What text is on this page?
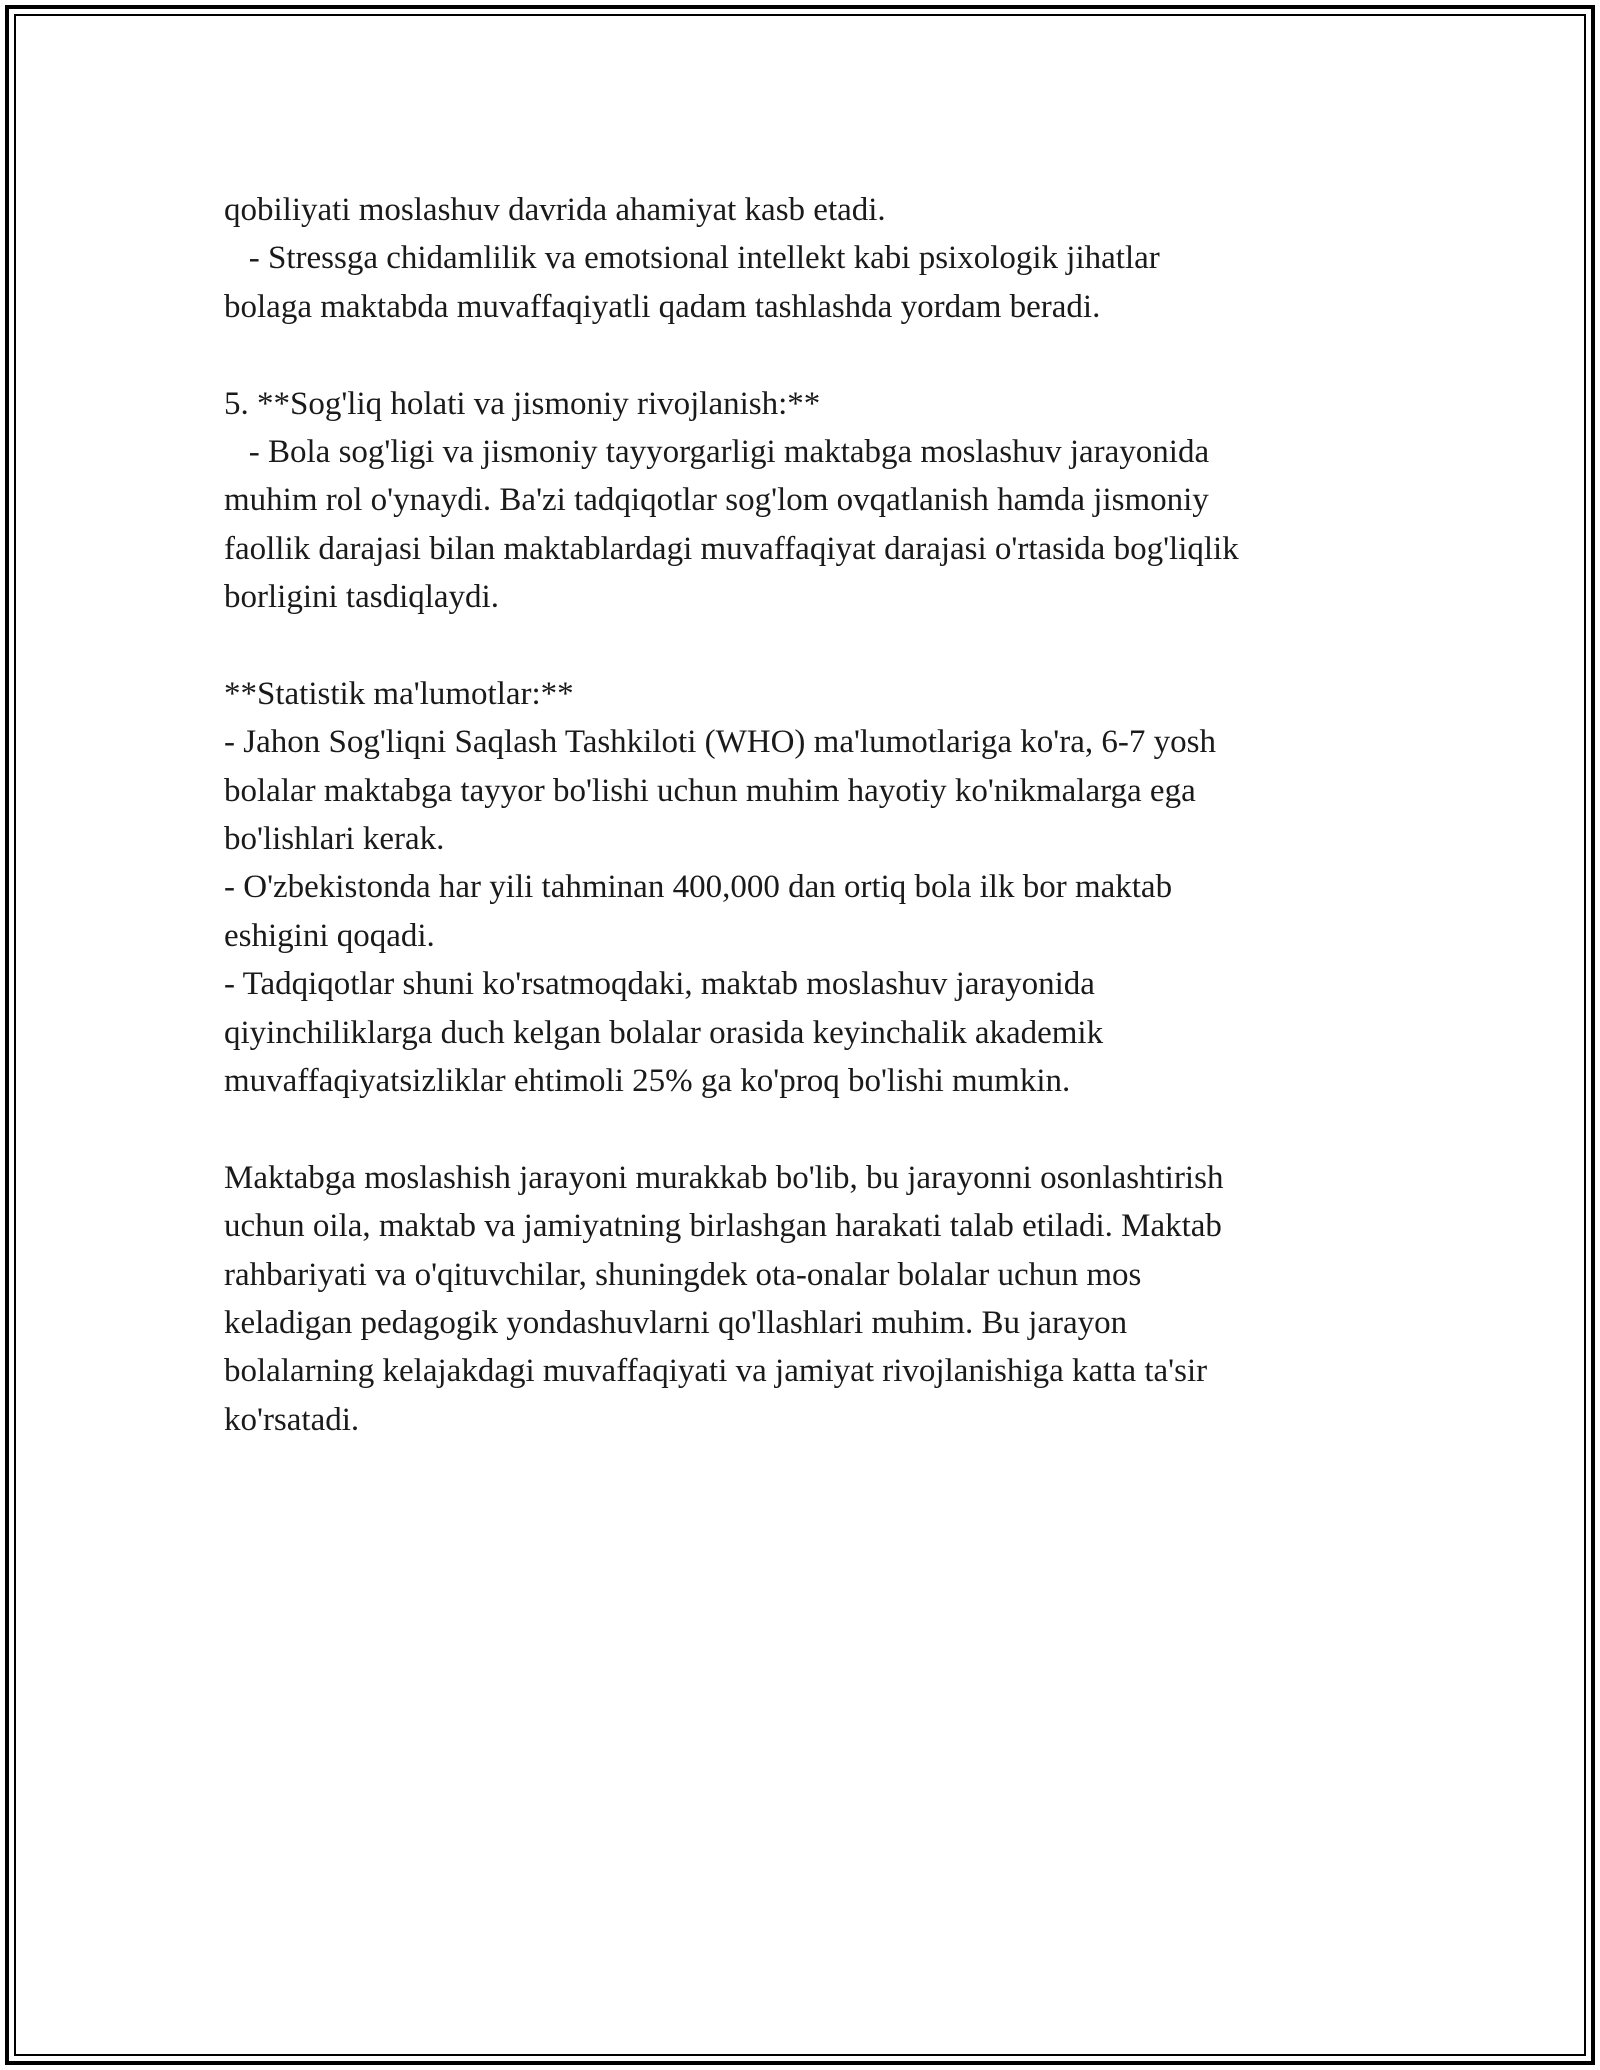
qobiliyati moslashuv davrida ahamiyat kasb etadi.
- Stressga chidamlilik va emotsional intellekt kabi psixologik jihatlar
bolaga maktabda muvaffaqiyatli qadam tashlashda yordam beradi.
5. **Sog'liq holati va jismoniy rivojlanish:**
- Bola sog'ligi va jismoniy tayyorgarligi maktabga moslashuv jarayonida
muhim rol o'ynaydi. Ba'zi tadqiqotlar sog'lom ovqatlanish hamda jismoniy
faollik darajasi bilan maktablardagi muvaffaqiyat darajasi o'rtasida bog'liqlik
borligini tasdiqlaydi.
**Statistik ma'lumotlar:**
- Jahon Sog'liqni Saqlash Tashkiloti (WHO) ma'lumotlariga ko'ra, 6-7 yosh
bolalar maktabga tayyor bo'lishi uchun muhim hayotiy ko'nikmalarga ega
bo'lishlari kerak.
- O'zbekistonda har yili tahminan 400,000 dan ortiq bola ilk bor maktab
eshigini qoqadi.
- Tadqiqotlar shuni ko'rsatmoqdaki, maktab moslashuv jarayonida
qiyinchiliklarga duch kelgan bolalar orasida keyinchalik akademik
muvaffaqiyatsizliklar ehtimoli 25% ga ko'proq bo'lishi mumkin.
Maktabga moslashish jarayoni murakkab bo'lib, bu jarayonni osonlashtirish
uchun oila, maktab va jamiyatning birlashgan harakati talab etiladi. Maktab
rahbariyati va o'qituvchilar, shuningdek ota-onalar bolalar uchun mos
keladigan pedagogik yondashuvlarni qo'llashlari muhim. Bu jarayon
bolalarning kelajakdagi muvaffaqiyati va jamiyat rivojlanishiga katta ta'sir
ko'rsatadi.
